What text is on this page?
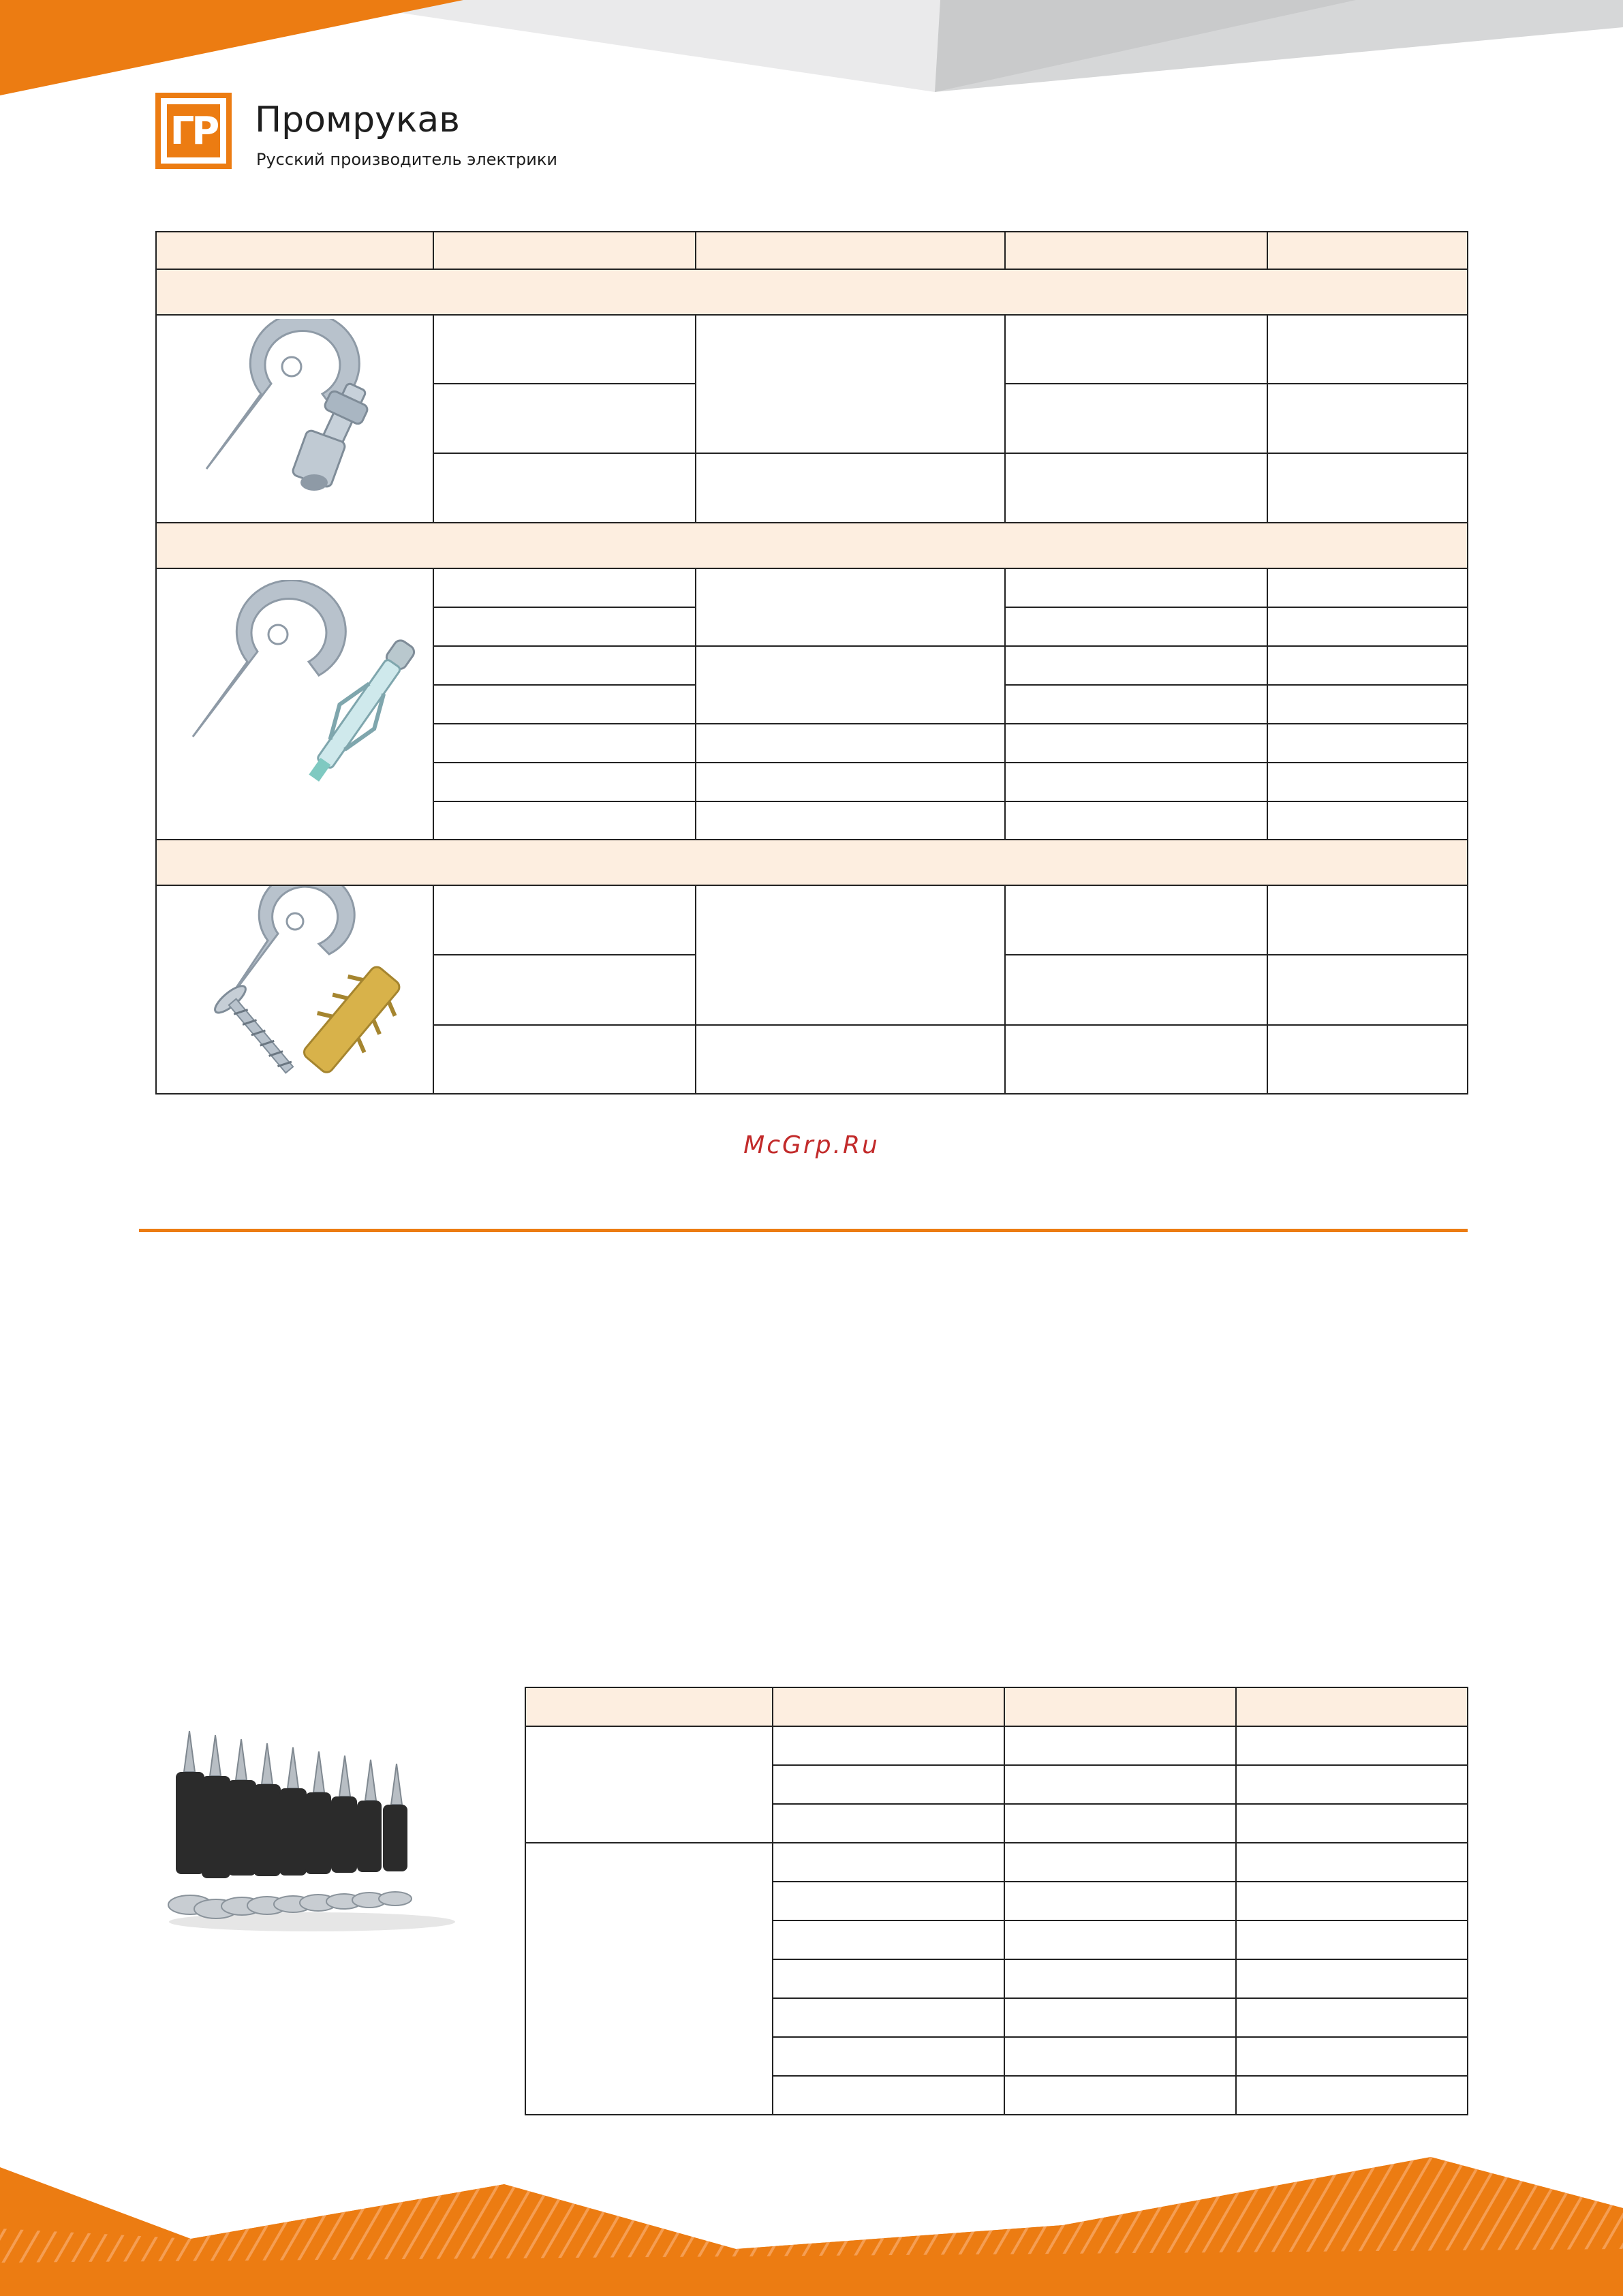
ГР Промрукав
Русский производитель электрики

McGrp.Ru
